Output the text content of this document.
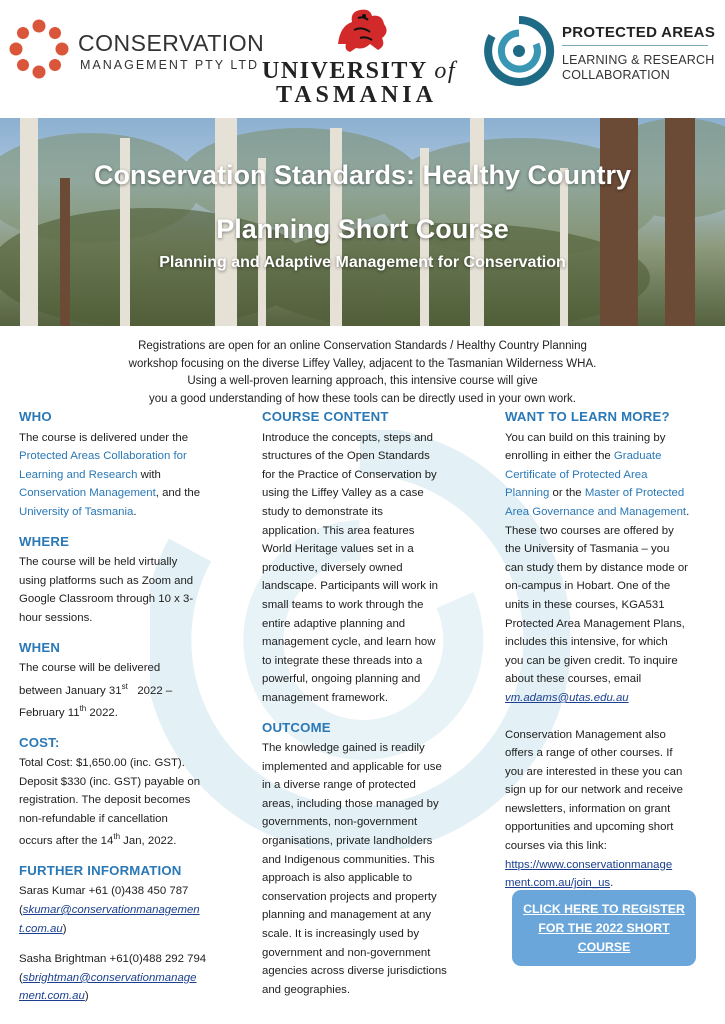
CONSERVATION
MANAGEMENT PTY LTD UNIVERSITY of
TASMANIA
PROTECTED AREAS
LEARNING & RESEARCH
COLLABORATION
Conservation Standards: Healthy Country
Planning Short Course
Planning and Adaptive Management for Conservation
Registrations are open for an online Conservation Standards / Healthy Country Planning
workshop focusing on the diverse Liffey Valley, adjacent to the Tasmanian Wilderness WHA.
Using a well-proven learning approach, this intensive course will give
you a good understanding of how these tools can be directly used in your own work.
WHO

The course is delivered under the
Protected Areas Collaboration for
Learning and Research with
Conservation Management, and the
University of Tasmania.

WHERE

The course will be held virtually
using platforms such as Zoom and
Google Classroom through 10 x 3-
hour sessions.

WHEN

The course will be delivered
between January 31st   2022 –
February 11th 2022.

COST:

Total Cost: $1,650.00 (inc. GST).
Deposit $330 (inc. GST) payable on
registration. The deposit becomes
non-refundable if cancellation
occurs after the 14th Jan, 2022.

FURTHER INFORMATION

Saras Kumar +61 (0)438 450 787
(skumar@conservationmanagemen
t.com.au)

Sasha Brightman +61(0)488 292 794
(sbrightman@conservationmanage
ment.com.au)

COURSE CONTENT

Introduce the concepts, steps and
structures of the Open Standards
for the Practice of Conservation by
using the Liffey Valley as a case
study to demonstrate its
application. This area features
World Heritage values set in a
productive, diversely owned
landscape. Participants will work in
small teams to work through the
entire adaptive planning and
management cycle, and learn how
to integrate these threads into a
powerful, ongoing planning and
management framework.

OUTCOME

The knowledge gained is readily
implemented and applicable for use
in a diverse range of protected
areas, including those managed by
governments, non-government
organisations, private landholders
and Indigenous communities. This
approach is also applicable to
conservation projects and property
planning and management at any
scale. It is increasingly used by
government and non-government
agencies across diverse jurisdictions
and geographies.

WANT TO LEARN MORE?

You can build on this training by
enrolling in either the Graduate
Certificate of Protected Area
Planning or the Master of Protected
Area Governance and Management.
These two courses are offered by
the University of Tasmania – you
can study them by distance mode or
on-campus in Hobart. One of the
units in these courses, KGA531
Protected Area Management Plans,
includes this intensive, for which
you can be given credit. To inquire
about these courses, email
vm.adams@utas.edu.au

Conservation Management also
offers a range of other courses. If
you are interested in these you can
sign up for our network and receive
newsletters, information on grant
opportunities and upcoming short
courses via this link:
https://www.conservationmanage
ment.com.au/join_us.

CLICK HERE TO REGISTER
FOR THE 2022 SHORT
COURSE
